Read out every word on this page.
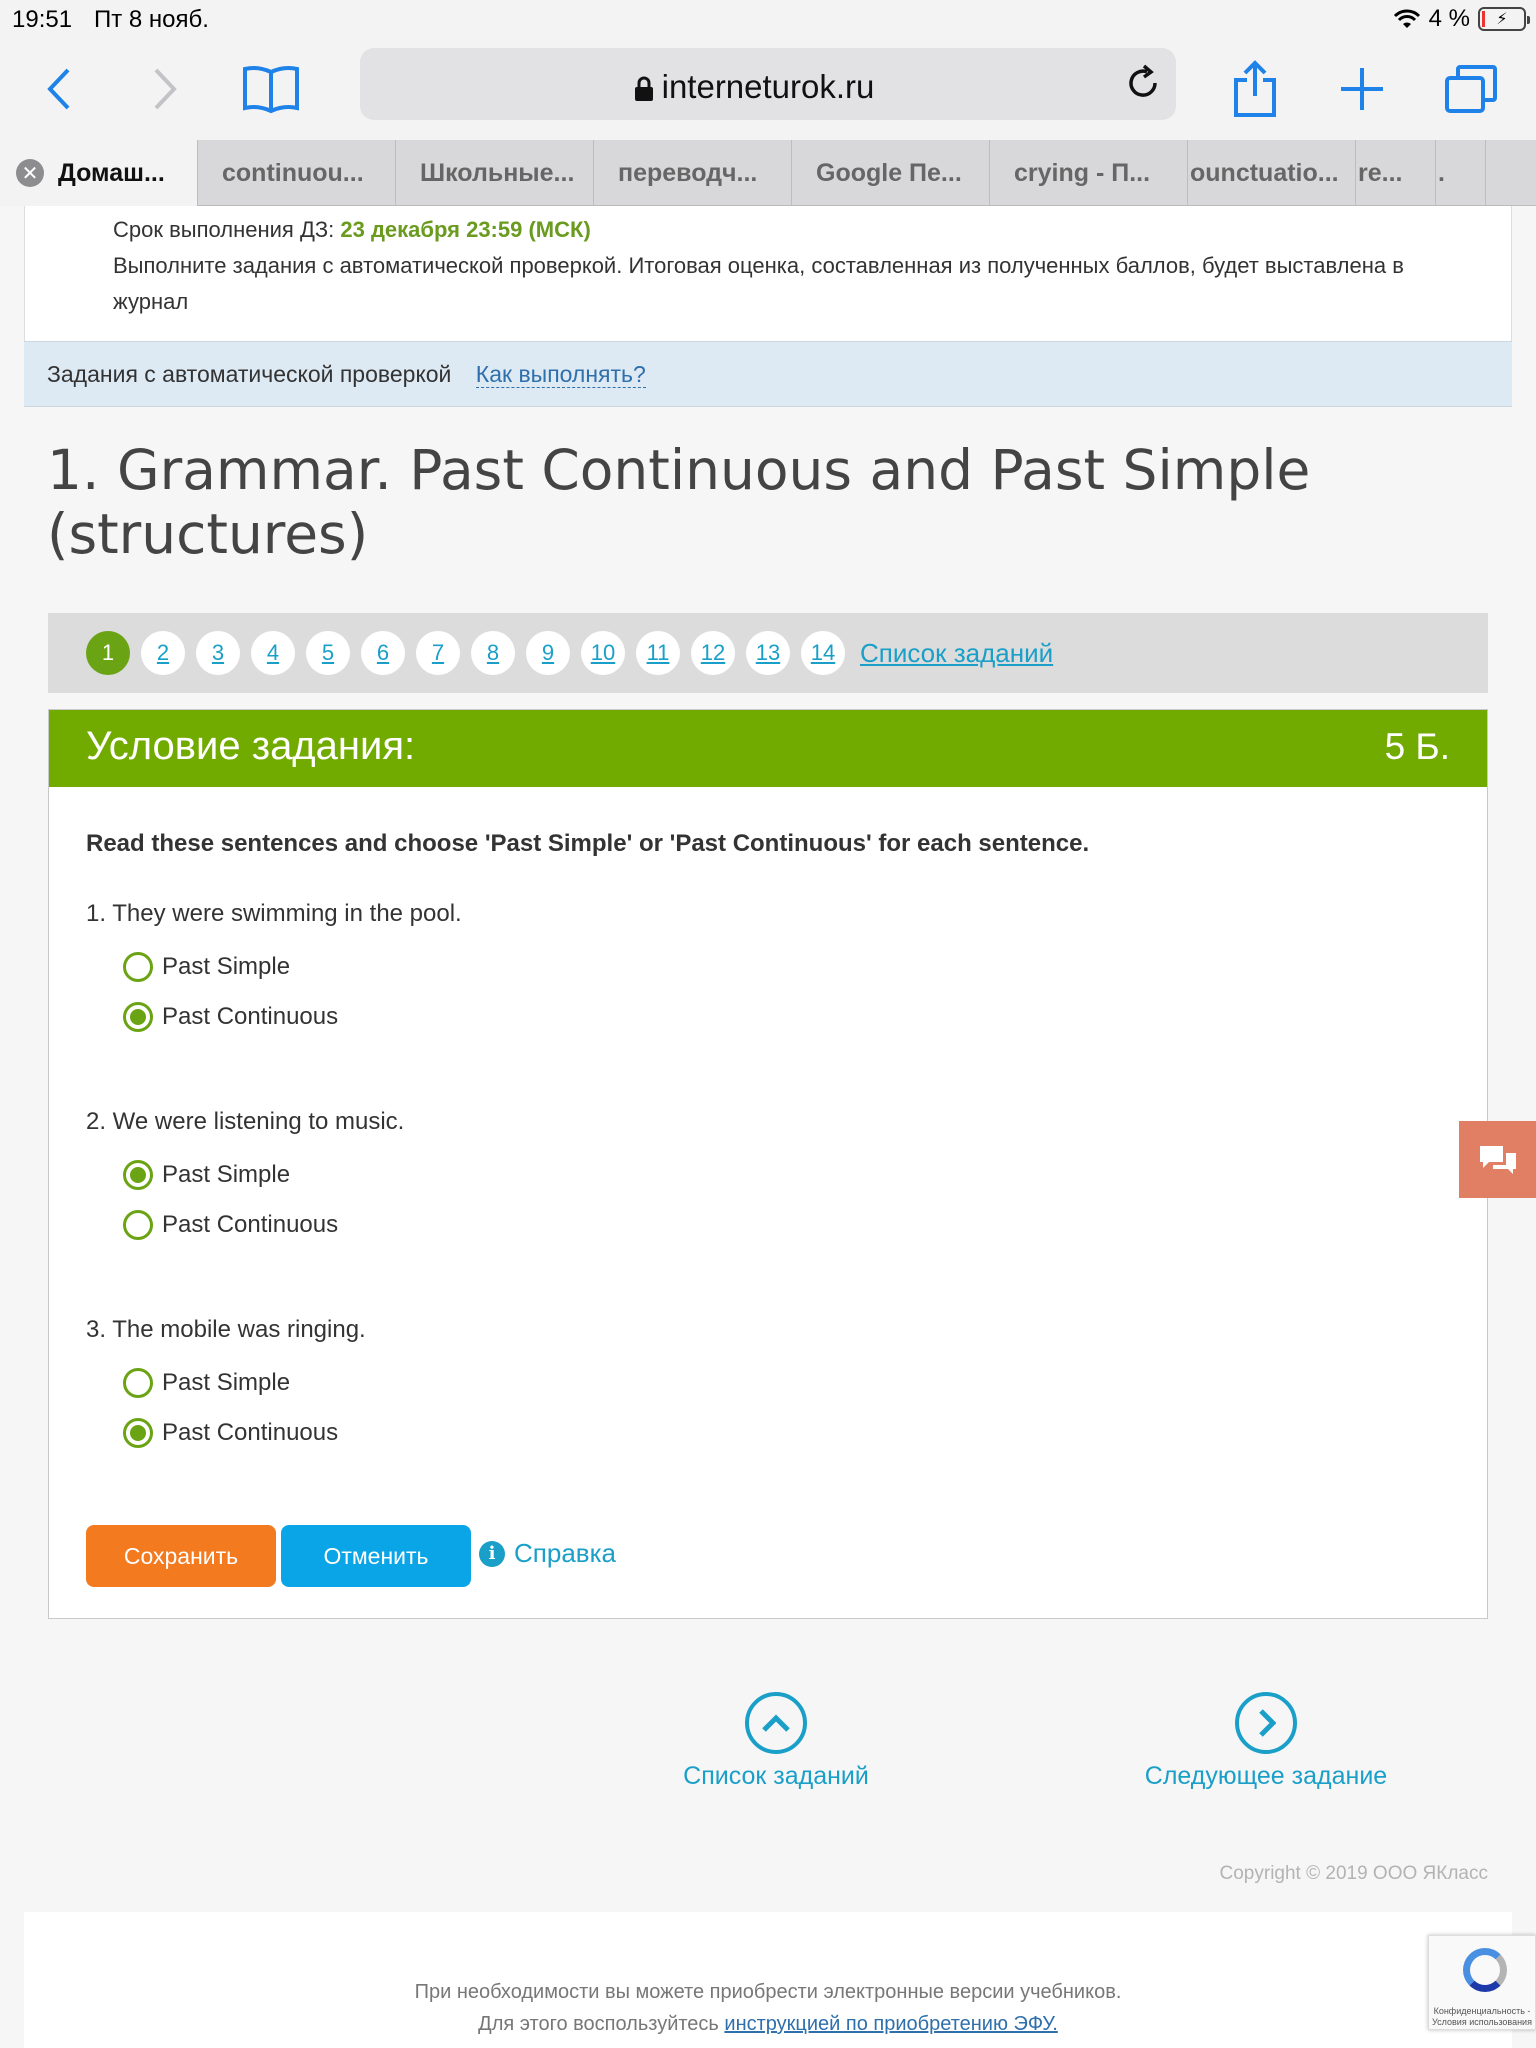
19:51 Пт 8 нояб.	4 % ⚡
interneturok.ru
✕ Домаш... continuou... Школьные... переводч... Google Пе... crying - П... ounctuatio... re... .
Срок выполнения ДЗ: 23 декабря 23:59 (МСК)
Выполните задания с автоматической проверкой. Итоговая оценка, составленная из полученных баллов, будет выставлена в журнал
Задания с автоматической проверкой Как выполнять?
1. Grammar. Past Continuous and Past Simple (structures)
1	2	3	4	5	6	7	8	9	10	11	12	13	14 Список заданий
Условие задания:	5 Б.
Read these sentences and choose 'Past Simple' or 'Past Continuous' for each sentence.
1. They were swimming in the pool.
Past Simple
Past Continuous
2. We were listening to music.
Past Simple
Past Continuous
3. The mobile was ringing.
Past Simple
Past Continuous
Сохранить	Отменить	i Справка
Список заданий	Следующее задание
Copyright © 2019 ООО ЯКласс
При необходимости вы можете приобрести электронные версии учебников.
Для этого воспользуйтесь инструкцией по приобретению ЭФУ.
Конфиденциальность - Условия использования
